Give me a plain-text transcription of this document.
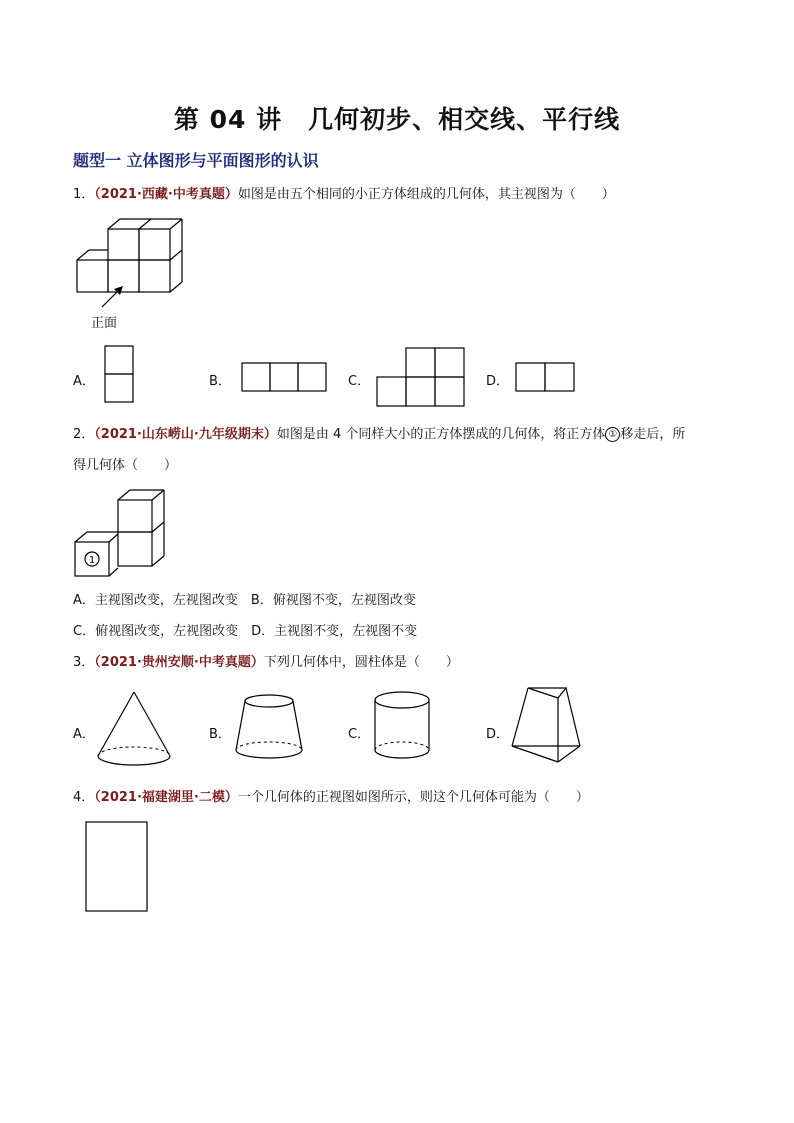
第 04 讲　几何初步、相交线、平行线
题型一 立体图形与平面图形的认识
1．（2021·西藏·中考真题）如图是由五个相同的小正方体组成的几何体，其主视图为（　　）
正面
A．	B．	C．	D．
2．（2021·山东崂山·九年级期末）如图是由 4 个同样大小的正方体摆成的几何体，将正方体 ① 移走后，所
得几何体（　　）
1
A．主视图改变，左视图改变　 B．俯视图不变，左视图改变
C．俯视图改变，左视图改变　 D．主视图不变，左视图不变
3．（2021·贵州安顺·中考真题）下列几何体中，圆柱体是（　　）
A．	B．	C．	D．
4．（2021·福建湖里·二模）一个几何体的正视图如图所示，则这个几何体可能为（　　）
